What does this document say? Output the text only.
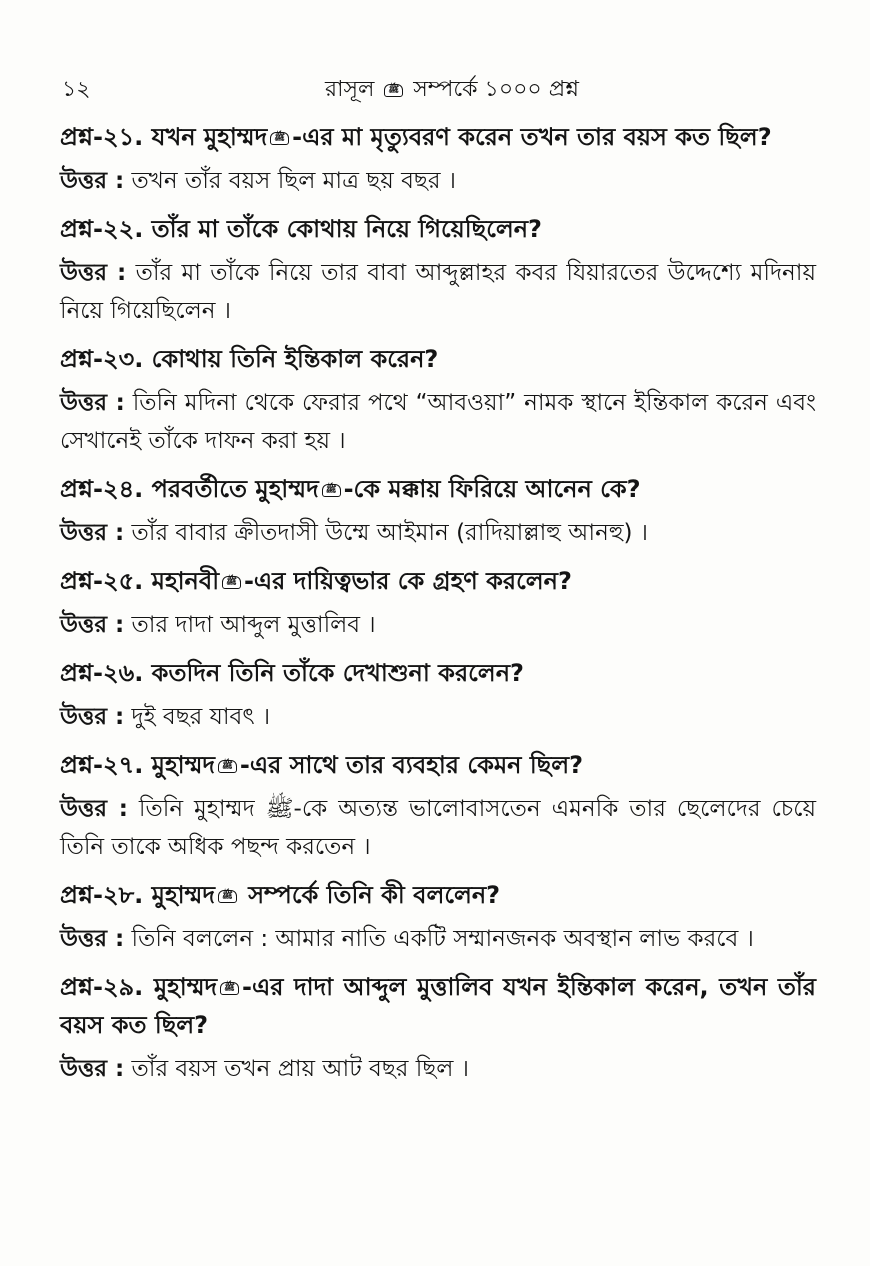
১২	রাসূল ﷺ সম্পর্কে ১০০০ প্রশ্ন

প্রশ্ন-২১. যখন মুহাম্মদ ﷺ -এর মা মৃত্যুবরণ করেন তখন তার বয়স কত ছিল?

উত্তর : তখন তাঁর বয়স ছিল মাত্র ছয় বছর ।

প্রশ্ন-২২. তাঁর মা তাঁকে কোথায় নিয়ে গিয়েছিলেন?

উত্তর : তাঁর মা তাঁকে নিয়ে তার বাবা আব্দুল্লাহর কবর যিয়ারতের উদ্দেশ্যে মদিনায় নিয়ে গিয়েছিলেন ।

প্রশ্ন-২৩. কোথায় তিনি ইন্তিকাল করেন?

উত্তর : তিনি মদিনা থেকে ফেরার পথে “আবওয়া” নামক স্থানে ইন্তিকাল করেন এবং সেখানেই তাঁকে দাফন করা হয় ।

প্রশ্ন-২৪. পরবর্তীতে মুহাম্মদ ﷺ -কে মক্কায় ফিরিয়ে আনেন কে?

উত্তর : তাঁর বাবার ক্রীতদাসী উম্মে আইমান (রাদিয়াল্লাহু আনহু) ।

প্রশ্ন-২৫. মহানবী ﷺ -এর দায়িত্বভার কে গ্রহণ করলেন?

উত্তর : তার দাদা আব্দুল মুত্তালিব ।

প্রশ্ন-২৬. কতদিন তিনি তাঁকে দেখাশুনা করলেন?

উত্তর : দুই বছর যাবৎ ।

প্রশ্ন-২৭. মুহাম্মদ ﷺ -এর সাথে তার ব্যবহার কেমন ছিল?

উত্তর : তিনি মুহাম্মদ ﷺ-কে অত্যন্ত ভালোবাসতেন এমনকি তার ছেলেদের চেয়ে তিনি তাকে অধিক পছন্দ করতেন ।

প্রশ্ন-২৮. মুহাম্মদ ﷺ সম্পর্কে তিনি কী বললেন?

উত্তর : তিনি বললেন : আমার নাতি একটি সম্মানজনক অবস্থান লাভ করবে ।

প্রশ্ন-২৯. মুহাম্মদ ﷺ -এর দাদা আব্দুল মুত্তালিব যখন ইন্তিকাল করেন, তখন তাঁর বয়স কত ছিল?

উত্তর : তাঁর বয়স তখন প্রায় আট বছর ছিল ।
